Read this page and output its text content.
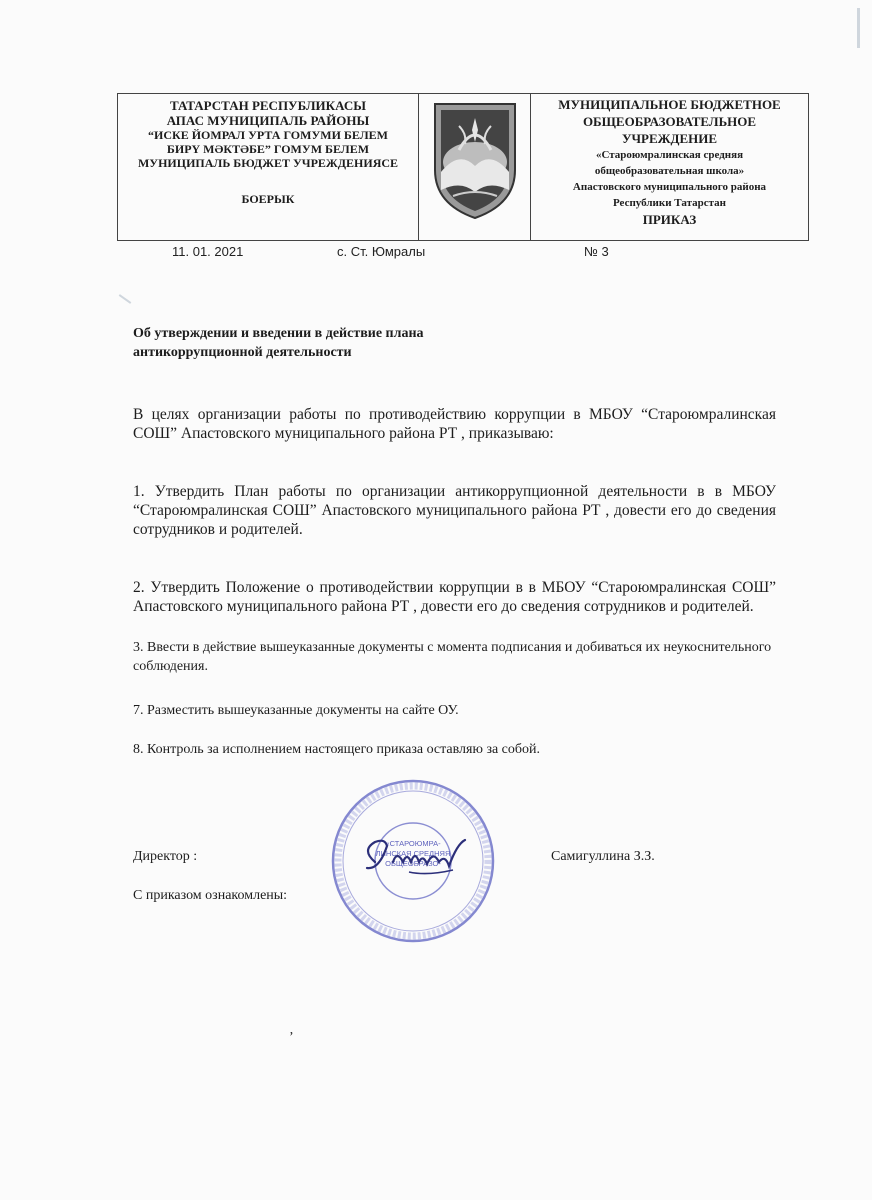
ТАТАРСТАН РЕСПУБЛИКАСЫ
АПАС МУНИЦИПАЛЬ РАЙОНЫ
“ИСКЕ ЙОМРАЛ УРТА ГОМУМИ БЕЛЕМ
БИРҮ МӘКТӘБЕ” ГОМУМ БЕЛЕМ
МУНИЦИПАЛЬ БЮДЖЕТ УЧРЕЖДЕНИЯСЕ
БОЕРЫК
МУНИЦИПАЛЬНОЕ БЮДЖЕТНОЕ
ОБЩЕОБРАЗОВАТЕЛЬНОЕ
УЧРЕЖДЕНИЕ
«Староюмралинская средняя
общеобразовательная школа»
Апастовского муниципального района
Республики Татарстан
ПРИКАЗ
11. 01. 2021	с. Ст. Юмралы	№ 3
Об утверждении и введении в действие плана
антикоррупционной деятельности
В целях организации работы по противодействию коррупции в МБОУ “Староюмралинская СОШ” Апастовского муниципального района РТ , приказываю:
1. Утвердить План работы по организации антикоррупционной деятельности в в МБОУ “Староюмралинская СОШ” Апастовского муниципального района РТ , довести его до сведения сотрудников и родителей.
2. Утвердить Положение о противодействии коррупции в в МБОУ “Староюмралинская СОШ” Апастовского муниципального района РТ , довести его до сведения сотрудников и родителей.
3. Ввести в действие вышеуказанные документы с момента подписания и добиваться их неукоснительного соблюдения.
7. Разместить вышеуказанные документы на сайте ОУ.
8. Контроль за исполнением настоящего приказа оставляю за собой.
Директор :	Самигуллина З.З.
С приказом ознакомлены:
«СТАРОЮМРА-
ЛИНСКАЯ СРЕДНЯЯ
ОБЩЕОБРАЗО-
ʼ
